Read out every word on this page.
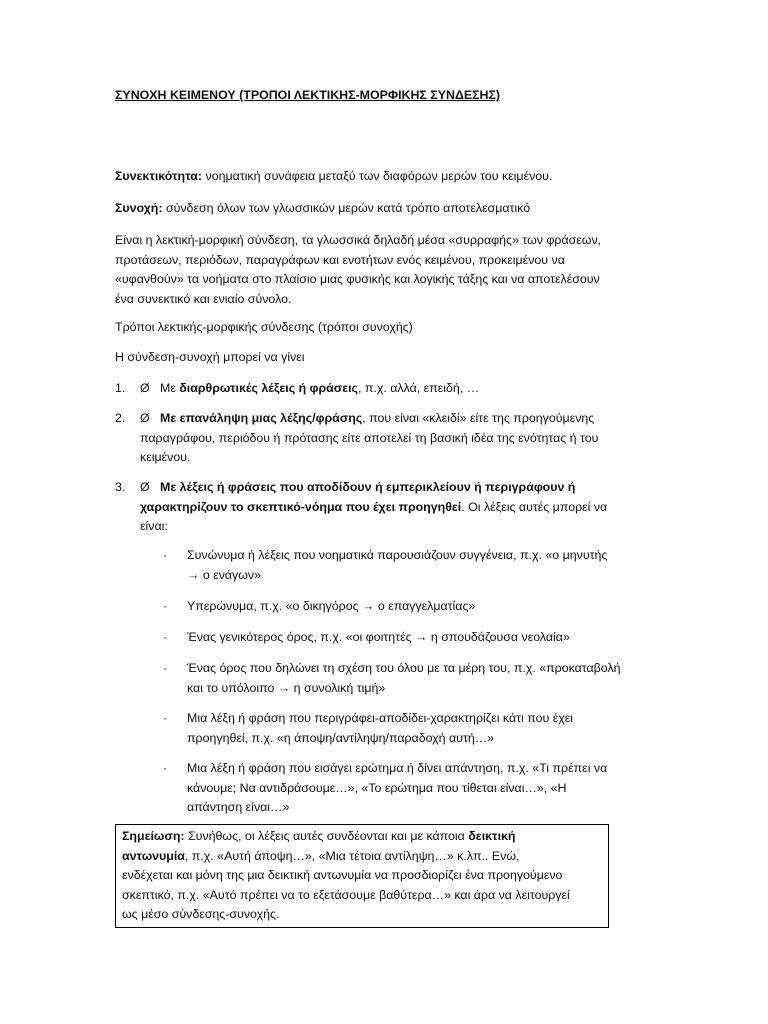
ΣΥΝΟΧΗ ΚΕΙΜΕΝΟΥ (ΤΡΟΠΟΙ ΛΕΚΤΙΚΗΣ-ΜΟΡΦΙΚΗΣ ΣΥΝΔΕΣΗΣ)
Συνεκτικότητα: νοηματική συνάφεια μεταξύ των διαφόρων μερών του κειμένου.
Συνοχή: σύνδεση όλων των γλωσσικών μερών κατά τρόπο αποτελεσματικό
Είναι η λεκτική-μορφική σύνδεση, τα γλωσσικά δηλαδή μέσα «συρραφής» των φράσεων,
προτάσεων, περιόδων, παραγράφων και ενοτήτων ενός κειμένου, προκειμένου να
«υφανθούν» τα νοήματα στο πλαίσιο μιας φυσικής και λογικής τάξης και να αποτελέσουν
ένα συνεκτικό και ενιαίο σύνολο.
Τρόποι λεκτικής-μορφικής σύνδεσης (τρόποι συνοχής)
Η σύνδεση-συνοχή μπορεί να γίνει
1. Ø Με διαρθρωτικές λέξεις ή φράσεις, π.χ. αλλά, επειδή, …
2. Ø Με επανάληψη μιας λέξης/φράσης, που είναι «κλειδί» είτε της προηγούμενης
παραγράφου, περιόδου ή πρότασης είτε αποτελεί τη βασική ιδέα της ενότητας ή του
κειμένου.
3. Ø Με λέξεις ή φράσεις που αποδίδουν ή εμπερικλείουν ή περιγράφουν ή
χαρακτηρίζουν το σκεπτικό-νόημα που έχει προηγηθεί. Οι λέξεις αυτές μπορεί να
είναι:
· Συνώνυμα ή λέξεις που νοηματικά παρουσιάζουν συγγένεια, π.χ. «ο μηνυτής
→ ο ενάγων»
· Υπερώνυμα, π.χ. «ο δικηγόρος → ο επαγγελματίας»
· Ένας γενικότερος όρος, π.χ. «οι φοιτητές → η σπουδάζουσα νεολαία»
· Ένας όρος που δηλώνει τη σχέση του όλου με τα μέρη του, π.χ. «προκαταβολή
και το υπόλοιπο → η συνολική τιμή»
· Μια λέξη ή φράση που περιγράφει-αποδίδει-χαρακτηρίζει κάτι που έχει
προηγηθεί, π.χ. «η άποψη/αντίληψη/παραδοχή αυτή…»
· Μια λέξη ή φράση που εισάγει ερώτημα ή δίνει απάντηση, π.χ. «Τι πρέπει να
κάνουμε; Να αντιδράσουμε…», «Το ερώτημα που τίθεται είναι…», «Η
απάντηση είναι…»

Σημείωση: Συνήθως, οι λέξεις αυτές συνδέονται και με κάποια δεικτική

αντωνυμία, π.χ. «Αυτή άποψη…», «Μια τέτοια αντίληψη…» κ.λπ.. Ενώ,

ενδέχεται και μόνη της μια δεικτική αντωνυμία να προσδιορίζει ένα προηγούμενο

σκεπτικό, π.χ. «Αυτό πρέπει να το εξετάσουμε βαθύτερα…» και άρα να λειτουργεί

ως μέσο σύνδεσης-συνοχής.
